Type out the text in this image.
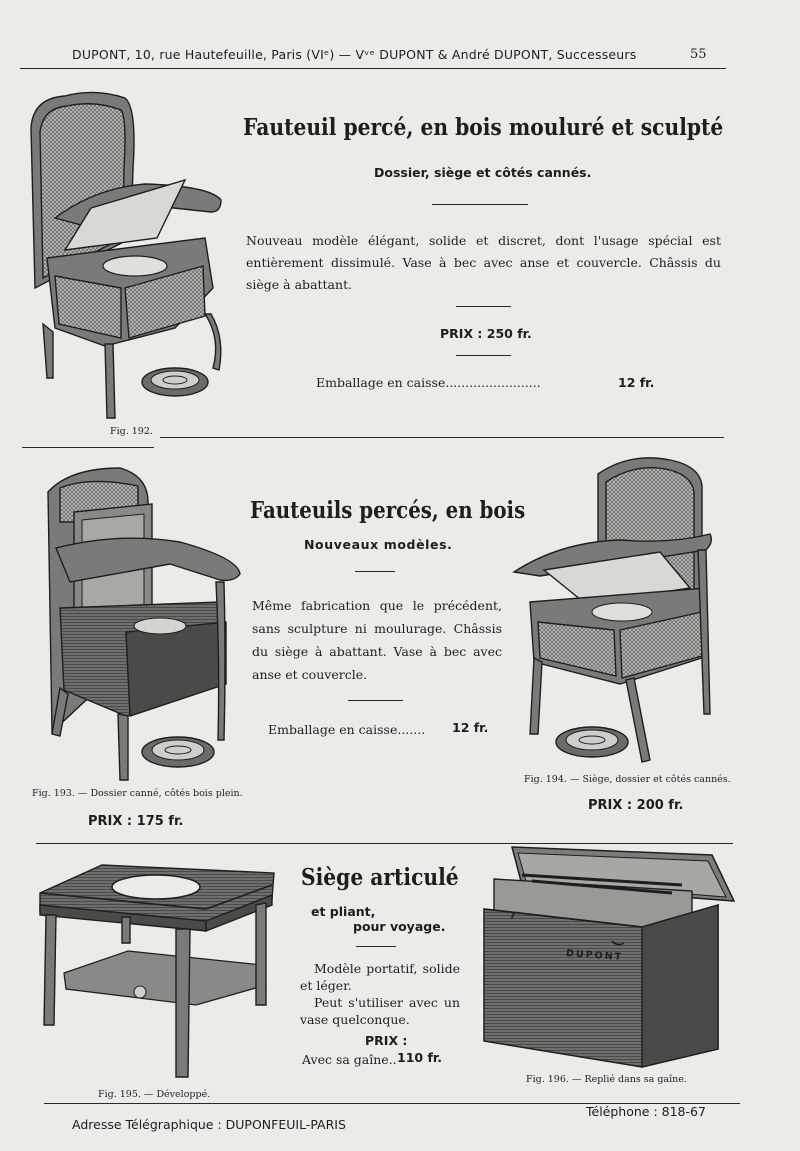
DUPONT, 10, rue Hautefeuille, Paris (VIᵉ) — Vᵛᵉ DUPONT & André DUPONT, Successeurs	55
Fig. 192.
Fauteuil percé, en bois mouluré et sculpté
Dossier, siège et côtés cannés.

Nouveau modèle élégant, solide et discret, dont l'usage spécial est entièrement dissimulé. Vase à bec avec anse et couvercle. Châssis du siège à abattant.

PRIX : 250 fr.
Emballage en caisse........................	12 fr.
Fig. 193. — Dossier canné, côtés bois plein.
PRIX : 175 fr.
Fauteuils percés, en bois
Nouveaux modèles.

Même fabrication que le précédent, sans sculpture ni moulurage. Châssis du siège à abattant. Vase à bec avec anse et couvercle.

Emballage en caisse....... 12 fr.
Fig. 194. — Siège, dossier et côtés cannés.
PRIX : 200 fr.
Fig. 195. — Développé.
Siège articulé
et pliant,
pour voyage.

Modèle portatif, solide et léger.

Peut s'utiliser avec un vase quelconque.

PRIX :
Avec sa gaîne.. 110 fr.
DUPONT
Fig. 196. — Replié dans sa gaîne.
Adresse Télégraphique : DUPONFEUIL-PARIS
Téléphone : 818-67
